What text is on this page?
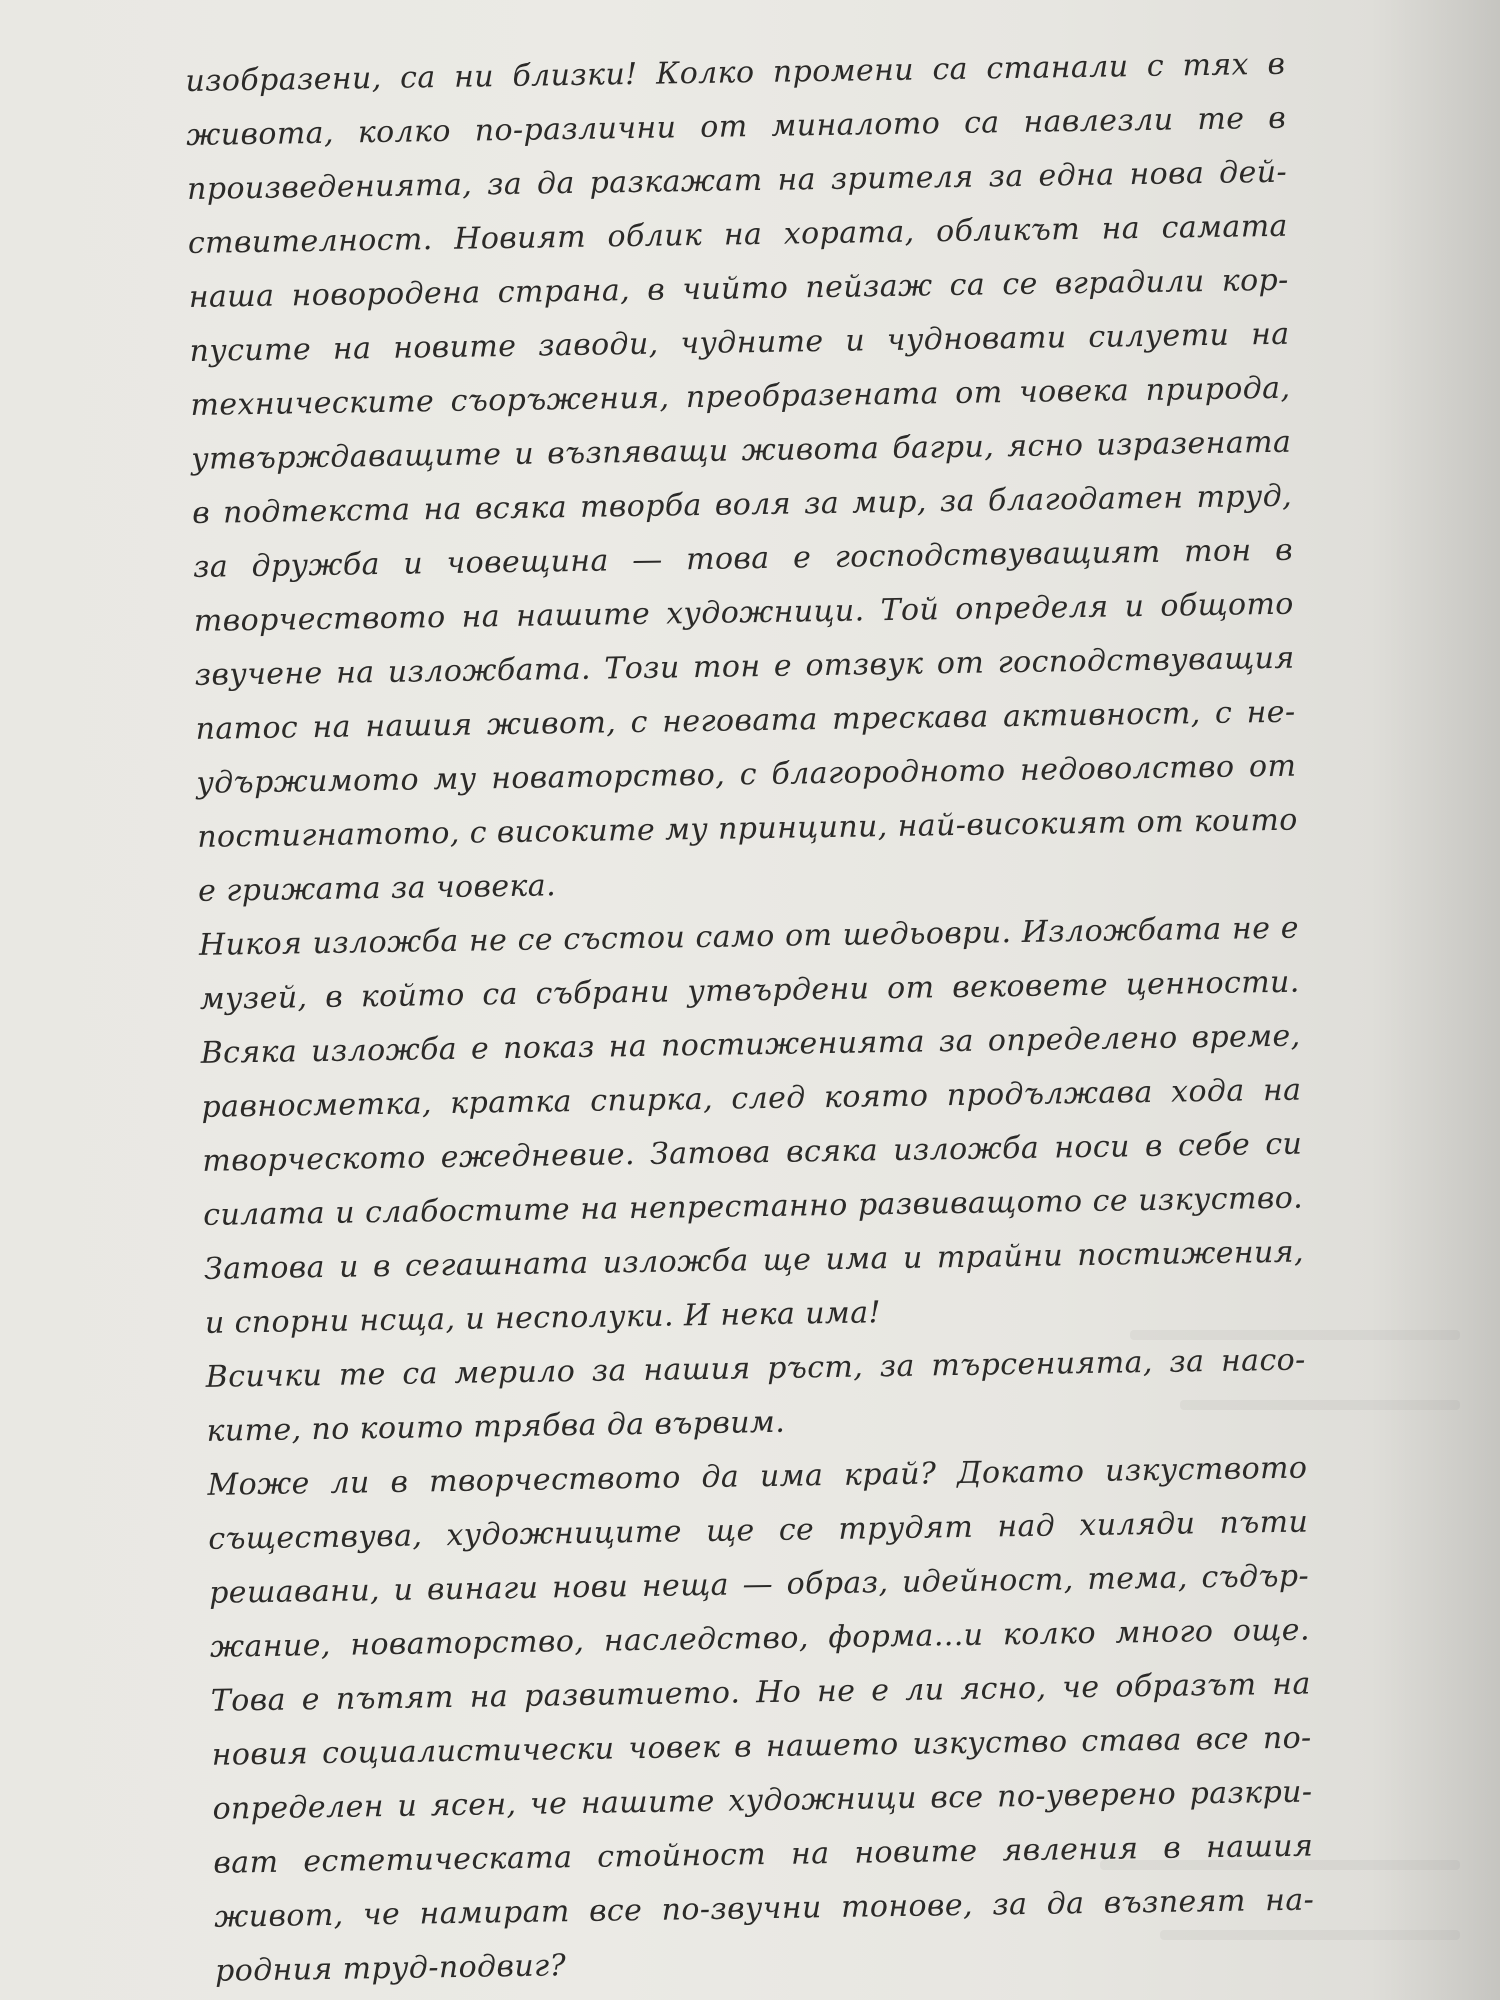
изобразени, са ни близки! Колко промени са станали с тях в
живота, колко по-различни от миналото са навлезли те в
произведенията, за да разкажат на зрителя за една нова дей-
ствителност. Новият облик на хората, обликът на самата
наша новородена страна, в чийто пейзаж са се вградили кор-
пусите на новите заводи, чудните и чудновати силуети на
техническите съоръжения, преобразената от човека природа,
утвърждаващите и възпяващи живота багри, ясно изразената
в подтекста на всяка творба воля за мир, за благодатен труд,
за дружба и човещина — това е господствуващият тон в
творчеството на нашите художници. Той определя и общото
звучене на изложбата. Този тон е отзвук от господствуващия
патос на нашия живот, с неговата трескава активност, с не-
удържимото му новаторство, с благородното недоволство от
постигнатото, с високите му принципи, най-високият от които
е грижата за човека.
Никоя изложба не се състои само от шедьоври. Изложбата не е
музей, в който са събрани утвърдени от вековете ценности.
Всяка изложба е показ на постиженията за определено време,
равносметка, кратка спирка, след която продължава хода на
творческото ежедневие. Затова всяка изложба носи в себе си
силата и слабостите на непрестанно развиващото се изкуство.
Затова и в сегашната изложба ще има и трайни постижения,
и спорни нсща, и несполуки. И нека има!
Всички те са мерило за нашия ръст, за търсенията, за насо-
ките, по които трябва да вървим.
Може ли в творчеството да има край? Докато изкуството
съществува, художниците ще се трудят над хиляди пъти
решавани, и винаги нови неща — образ, идейност, тема, съдър-
жание, новаторство, наследство, форма...и колко много още.
Това е пътят на развитието. Но не е ли ясно, че образът на
новия социалистически човек в нашето изкуство става все по-
определен и ясен, че нашите художници все по-уверено разкри-
ват естетическата стойност на новите явления в нашия
живот, че намират все по-звучни тонове, за да възпеят на-
родния труд-подвиг?
